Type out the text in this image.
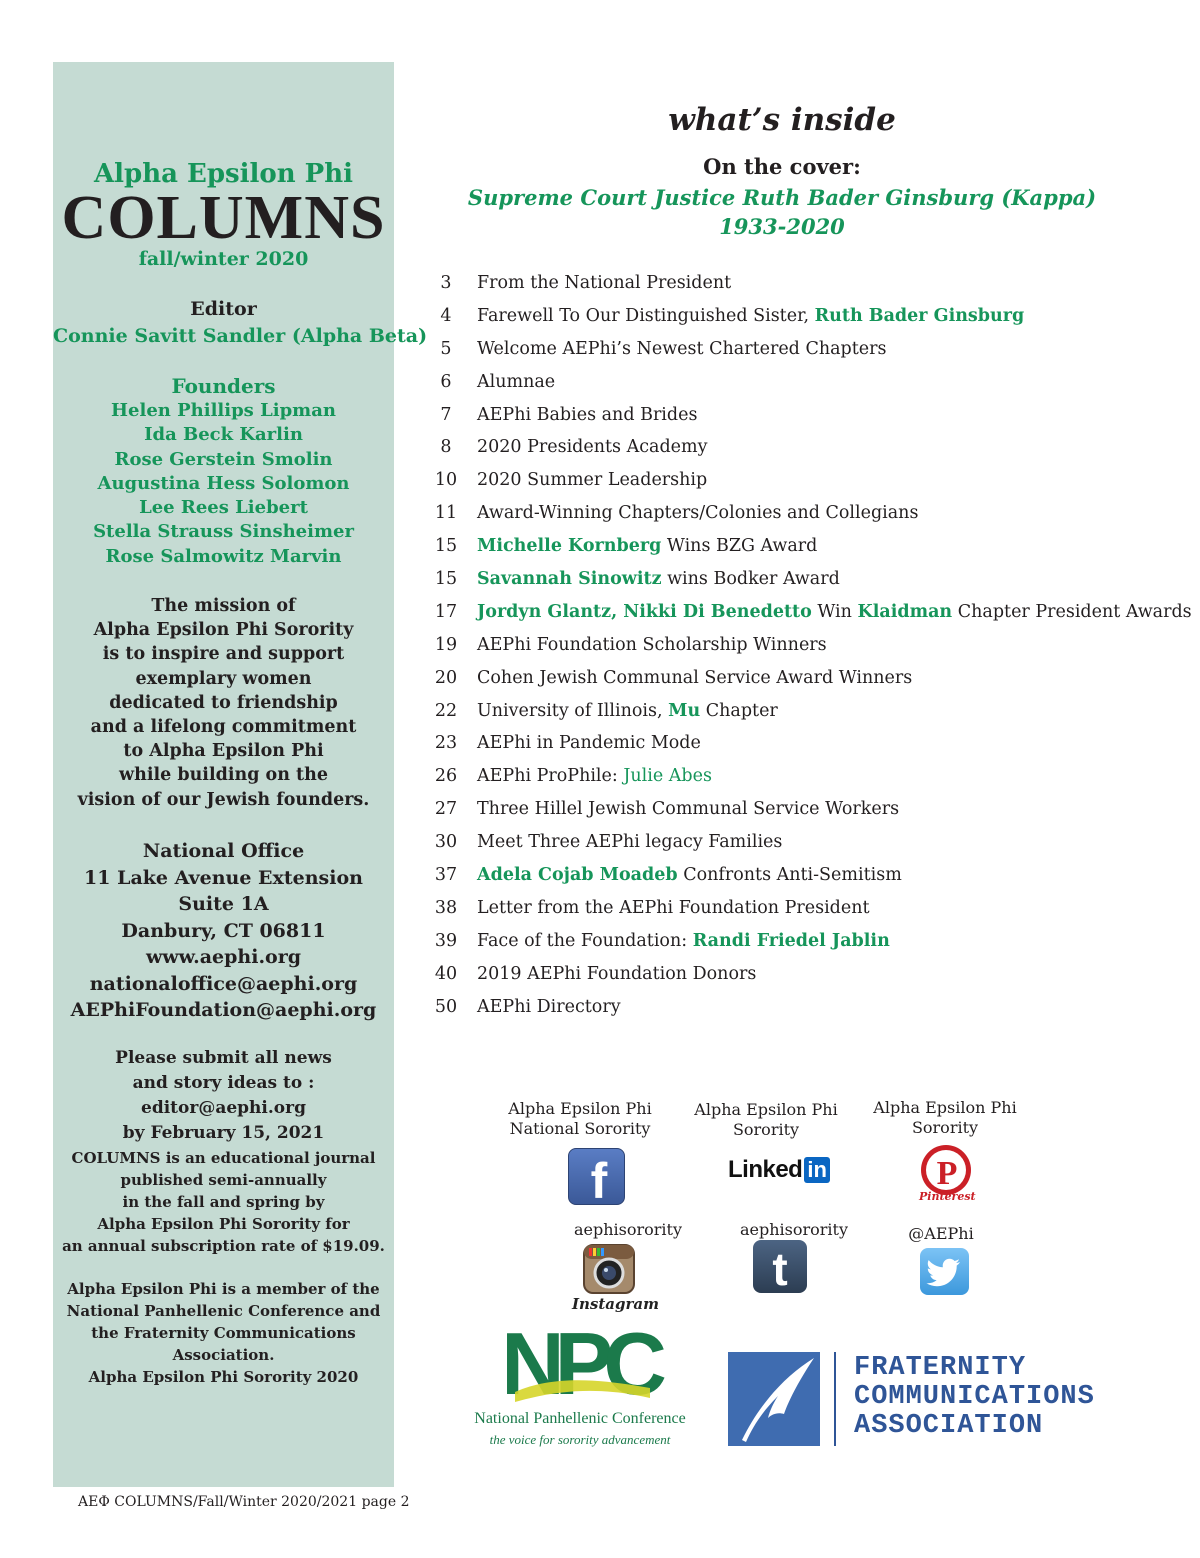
Alpha Epsilon Phi
COLUMNS
fall/winter 2020
Editor
Connie Savitt Sandler (Alpha Beta)
Founders
Helen Phillips Lipman
Ida Beck Karlin
Rose Gerstein Smolin
Augustina Hess Solomon
Lee Rees Liebert
Stella Strauss Sinsheimer
Rose Salmowitz Marvin
The mission of
Alpha Epsilon Phi Sorority
is to inspire and support
exemplary women
dedicated to friendship
and a lifelong commitment
to Alpha Epsilon Phi
while building on the
vision of our Jewish founders.
National Office
11 Lake Avenue Extension
Suite 1A
Danbury, CT 06811
www.aephi.org
nationaloffice@aephi.org
AEPhiFoundation@aephi.org
Please submit all news
and story ideas to :
editor@aephi.org
by February 15, 2021
COLUMNS is an educational journal
published semi-annually
in the fall and spring by
Alpha Epsilon Phi Sorority for
an annual subscription rate of $19.09.
Alpha Epsilon Phi is a member of the
National Panhellenic Conference and
the Fraternity Communications
Association.
Alpha Epsilon Phi Sorority 2020
what’s inside
On the cover:
Supreme Court Justice Ruth Bader Ginsburg (Kappa)
1933-2020
3	From the National President
4	Farewell To Our Distinguished Sister, Ruth Bader Ginsburg
5	Welcome AEPhi’s Newest Chartered Chapters
6	Alumnae
7	AEPhi Babies and Brides
8	2020 Presidents Academy
10 2020 Summer Leadership
11 Award-Winning Chapters/Colonies and Collegians
15 Michelle Kornberg Wins BZG Award
15 Savannah Sinowitz wins Bodker Award
17 Jordyn Glantz, Nikki Di Benedetto Win Klaidman Chapter President Awards
19 AEPhi Foundation Scholarship Winners
20 Cohen Jewish Communal Service Award Winners
22 University of Illinois, Mu Chapter
23 AEPhi in Pandemic Mode
26 AEPhi ProPhile: Julie Abes
27 Three Hillel Jewish Communal Service Workers
30 Meet Three AEPhi legacy Families
37 Adela Cojab Moadeb Confronts Anti-Semitism
38 Letter from the AEPhi Foundation President
39 Face of the Foundation: Randi Friedel Jablin
40 2019 AEPhi Foundation Donors
50 AEPhi Directory
Alpha Epsilon Phi National Sorority
Alpha Epsilon Phi Sorority
Alpha Epsilon Phi Sorority
f	Linked in	P
Pinterest
aephisorority	aephisorority	@AEPhi
Instagram
t
NPC
National Panhellenic Conference
the voice for sorority advancement
FRATERNITY
COMMUNICATIONS
ASSOCIATION
AEΦ COLUMNS/Fall/Winter 2020/2021 page 2
